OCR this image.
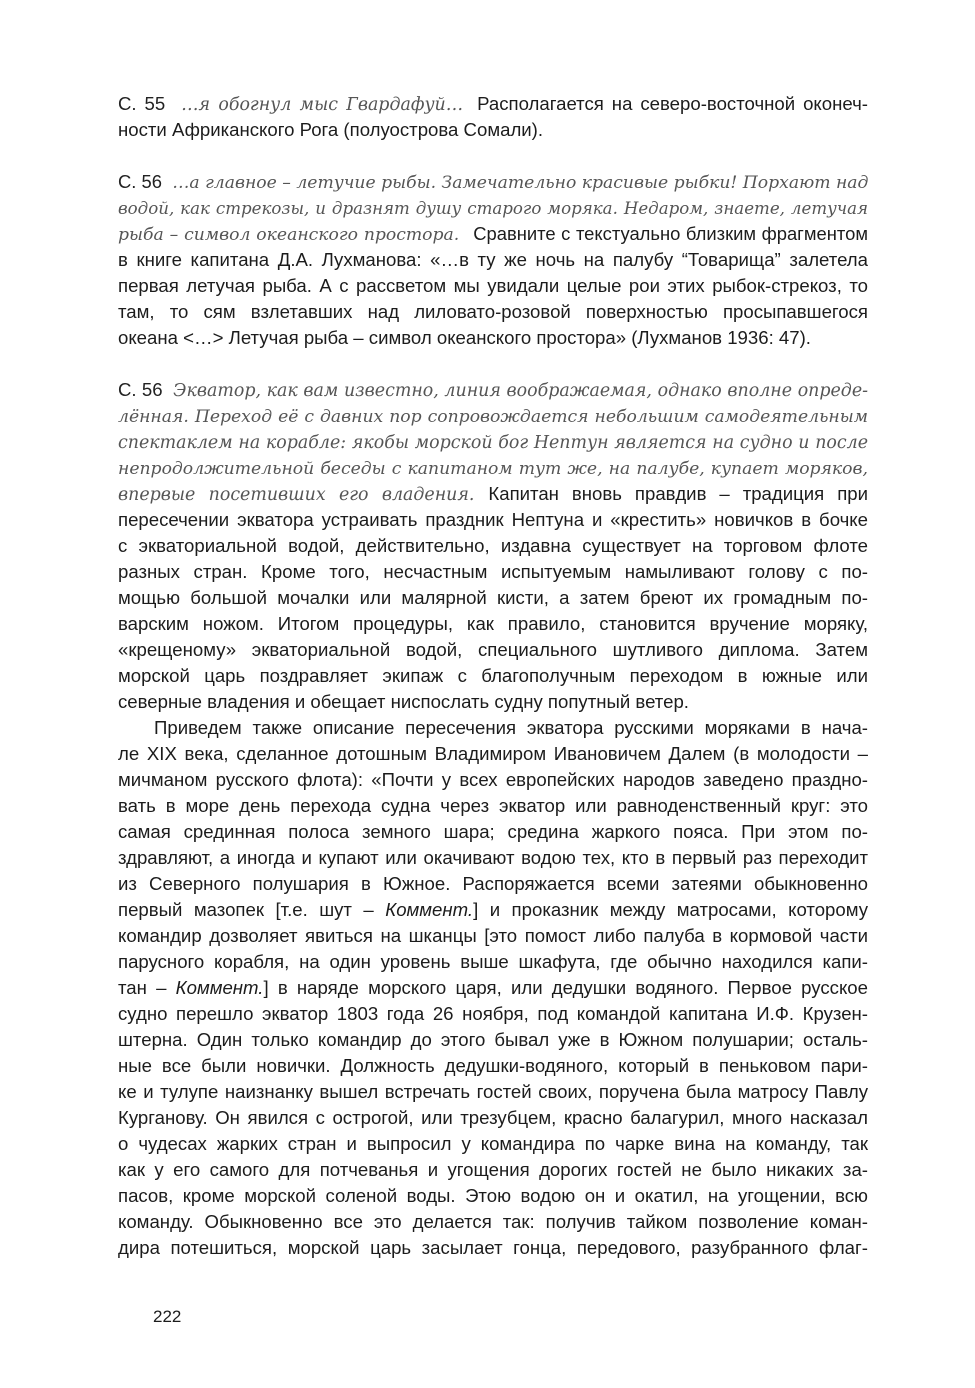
С. 55 …я обогнул мыс Гвардафуй… Располагается на северо-восточной оконеч-
ности Африканского Рога (полуострова Сомали).
С. 56 …а главное – летучие рыбы. Замечательно красивые рыбки! Порхают над
водой, как стрекозы, и дразнят душу старого моряка. Недаром, знаете, летучая
рыба – символ океанского простора. Сравните с текстуально близким фрагментом
в книге капитана Д.А. Лухманова: «…в ту же ночь на палубу “Товарища” залетела
первая летучая рыба. А с рассветом мы увидали целые рои этих рыбок-стрекоз, то
там, то сям взлетавших над лиловато-розовой поверхностью просыпавшегося
океана <…> Летучая рыба – символ океанского простора» (Лухманов 1936: 47).
С. 56 Экватор, как вам известно, линия воображаемая, однако вполне опреде-
лённая. Переход её с давних пор сопровождается небольшим самодеятельным
спектаклем на корабле: якобы морской бог Нептун является на судно и после
непродолжительной беседы с капитаном тут же, на палубе, купает моряков,
впервые посетивших его владения. Капитан вновь правдив – традиция при
пересечении экватора устраивать праздник Нептуна и «крестить» новичков в бочке
с экваториальной водой, действительно, издавна существует на торговом флоте
разных стран. Кроме того, несчастным испытуемым намыливают голову с по-
мощью большой мочалки или малярной кисти, а затем бреют их громадным по-
варским ножом. Итогом процедуры, как правило, становится вручение моряку,
«крещеному» экваториальной водой, специального шутливого диплома. Затем
морской царь поздравляет экипаж с благополучным переходом в южные или
северные владения и обещает ниспослать судну попутный ветер.
Приведем также описание пересечения экватора русскими моряками в нача-
ле XIX века, сделанное дотошным Владимиром Ивановичем Далем (в молодости –
мичманом русского флота): «Почти у всех европейских народов заведено праздно-
вать в море день перехода судна через экватор или равноденственный круг: это
самая срединная полоса земного шара; средина жаркого пояса. При этом по-
здравляют, а иногда и купают или окачивают водою тех, кто в первый раз переходит
из Северного полушария в Южное. Распоряжается всеми затеями обыкновенно
первый мазопек [т.е. шут – Коммент.] и проказник между матросами, которому
командир дозволяет явиться на шканцы [это помост либо палуба в кормовой части
парусного корабля, на один уровень выше шкафута, где обычно находился капи-
тан – Коммент.] в наряде морского царя, или дедушки водяного. Первое русское
судно перешло экватор 1803 года 26 ноября, под командой капитана И.Ф. Крузен-
штерна. Один только командир до этого бывал уже в Южном полушарии; осталь-
ные все были новички. Должность дедушки-водяного, который в пеньковом пари-
ке и тулупе наизнанку вышел встречать гостей своих, поручена была матросу Павлу
Курганову. Он явился с острогой, или трезубцем, красно балагурил, много насказал
о чудесах жарких стран и выпросил у командира по чарке вина на команду, так
как у его самого для потчеванья и угощения дорогих гостей не было никаких за-
пасов, кроме морской соленой воды. Этою водою он и окатил, на угощении, всю
команду. Обыкновенно все это делается так: получив тайком позволение коман-
дира потешиться, морской царь засылает гонца, передового, разубранного флаг-
222
